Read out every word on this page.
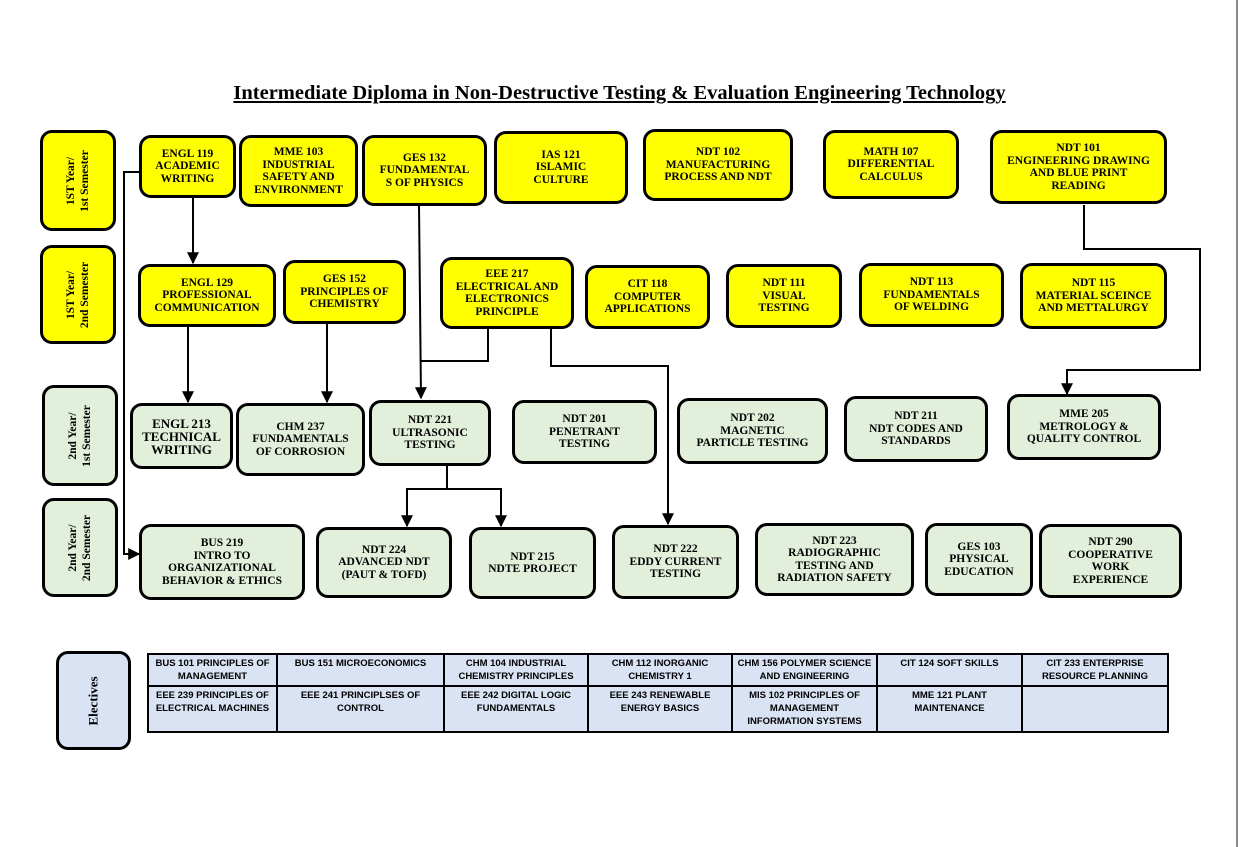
Intermediate Diploma in Non-Destructive Testing & Evaluation Engineering Technology
1ST Year/
1st Semester
1ST Year/
2nd Semester
2nd Year/
1st Semester
2nd Year/
2nd Semester
ENGL 119
ACADEMIC
WRITING
MME 103
INDUSTRIAL
SAFETY AND
ENVIRONMENT
GES 132
FUNDAMENTAL
S OF PHYSICS
IAS 121
ISLAMIC
CULTURE
NDT 102
MANUFACTURING
PROCESS AND NDT
MATH 107
DIFFERENTIAL
CALCULUS
NDT 101
ENGINEERING DRAWING
AND BLUE PRINT
READING
ENGL 129
PROFESSIONAL
COMMUNICATION
GES 152
PRINCIPLES OF
CHEMISTRY
EEE 217
ELECTRICAL AND
ELECTRONICS
PRINCIPLE
CIT 118
COMPUTER
APPLICATIONS
NDT 111
VISUAL
TESTING
NDT 113
FUNDAMENTALS
OF WELDING
NDT 115
MATERIAL SCEINCE
AND METTALURGY
ENGL 213
TECHNICAL
WRITING
CHM 237
FUNDAMENTALS
OF CORROSION
NDT 221
ULTRASONIC
TESTING
NDT 201
PENETRANT
TESTING
NDT 202
MAGNETIC
PARTICLE TESTING
NDT 211
NDT CODES AND
STANDARDS
MME 205
METROLOGY &
QUALITY CONTROL
BUS 219
INTRO TO
ORGANIZATIONAL
BEHAVIOR & ETHICS
NDT 224
ADVANCED NDT
(PAUT & TOFD)
NDT 215
NDTE PROJECT
NDT 222
EDDY CURRENT
TESTING
NDT 223
RADIOGRAPHIC
TESTING AND
RADIATION SAFETY
GES 103
PHYSICAL
EDUCATION
NDT 290
COOPERATIVE
WORK
EXPERIENCE
Electives
BUS 101 PRINCIPLES OF MANAGEMENT	BUS 151 MICROECONOMICS	CHM 104 INDUSTRIAL CHEMISTRY PRINCIPLES	CHM 112 INORGANIC CHEMISTRY 1	CHM 156 POLYMER SCIENCE AND ENGINEERING	CIT 124 SOFT SKILLS	CIT 233 ENTERPRISE RESOURCE PLANNING
EEE 239 PRINCIPLES OF ELECTRICAL MACHINES	EEE 241 PRINCIPLSES OF CONTROL	EEE 242 DIGITAL LOGIC FUNDAMENTALS	EEE 243 RENEWABLE ENERGY BASICS	MIS 102 PRINCIPLES OF MANAGEMENT INFORMATION SYSTEMS	MME 121 PLANT MAINTENANCE	
